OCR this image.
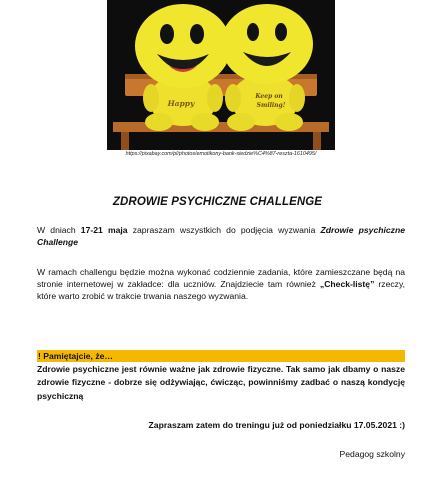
Happy
Keep on
Smiling!
https://pixabay.com/pl/photos/emotikony-bank-siedzie%C4%87-reszta-1610495/
ZDROWIE PSYCHICZNE CHALLENGE
W dniach 17-21 maja zapraszam wszystkich do podjęcia wyzwania Zdrowie psychiczne Challenge
W ramach challengu będzie można wykonać codziennie zadania, które zamieszczane będą na stronie internetowej w zakładce: dla uczniów. Znajdziecie tam również „Check-listę” rzeczy, które warto zrobić w trakcie trwania naszego wyzwania.
! Pamiętajcie, że…
Zdrowie psychiczne jest równie ważne jak zdrowie fizyczne. Tak samo jak dbamy o nasze zdrowie fizyczne - dobrze się odżywiając, ćwicząc, powinniśmy zadbać o naszą kondycję psychiczną
Zapraszam zatem do treningu już od poniedziałku 17.05.2021 :)
Pedagog szkolny
